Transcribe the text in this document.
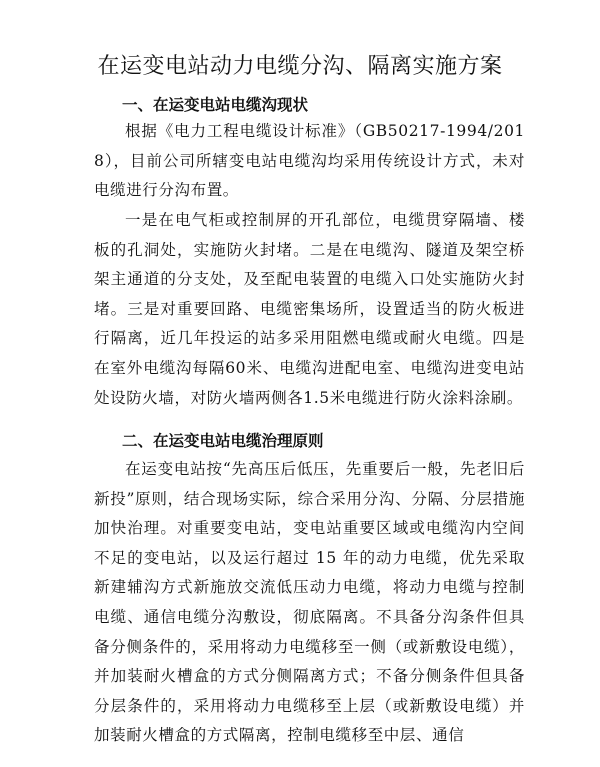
在运变电站动力电缆分沟、隔离实施方案
一、在运变电站电缆沟现状

根据《电力工程电缆设计标准》（GB50217-1994/2018），目前公司所辖变电站电缆沟均采用传统设计方式，未对电缆进行分沟布置。

一是在电气柜或控制屏的开孔部位，电缆贯穿隔墙、楼板的孔洞处，实施防火封堵。二是在电缆沟、隧道及架空桥架主通道的分支处，及至配电装置的电缆入口处实施防火封堵。三是对重要回路、电缆密集场所，设置适当的防火板进行隔离，近几年投运的站多采用阻燃电缆或耐火电缆。四是在室外电缆沟每隔60米、电缆沟进配电室、电缆沟进变电站处设防火墙，对防火墙两侧各1.5米电缆进行防火涂料涂刷。

二、在运变电站电缆治理原则

在运变电站按“先高压后低压，先重要后一般，先老旧后新投”原则，结合现场实际，综合采用分沟、分隔、分层措施加快治理。对重要变电站，变电站重要区域或电缆沟内空间不足的变电站，以及运行超过 15 年的动力电缆，优先采取新建辅沟方式新施放交流低压动力电缆，将动力电缆与控制电缆、通信电缆分沟敷设，彻底隔离。不具备分沟条件但具备分侧条件的，采用将动力电缆移至一侧（或新敷设电缆），并加装耐火槽盒的方式分侧隔离方式；不备分侧条件但具备分层条件的，采用将动力电缆移至上层（或新敷设电缆）并加装耐火槽盒的方式隔离，控制电缆移至中层、通信
